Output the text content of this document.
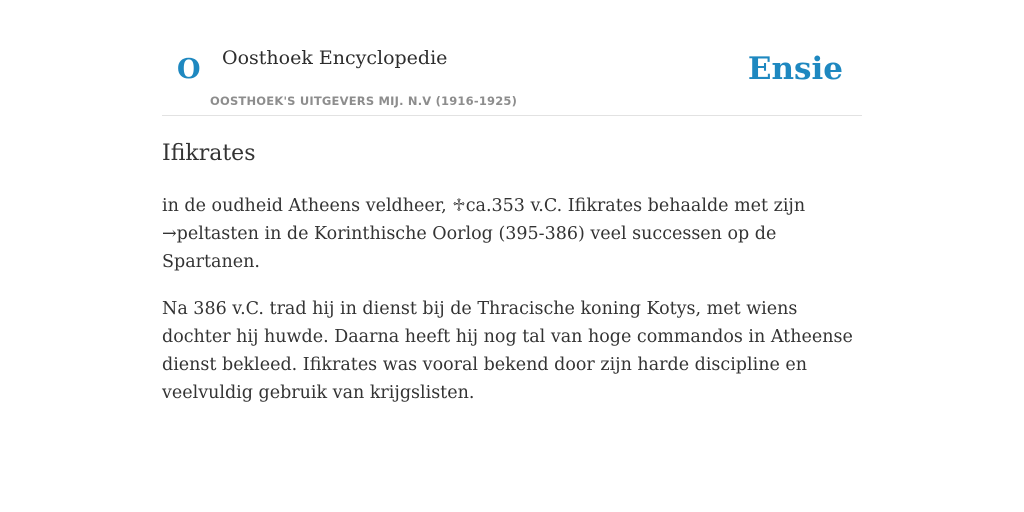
O Oosthoek Encyclopedie
OOSTHOEK'S UITGEVERS MIJ. N.V (1916-1925)
Ensie
Ifikrates

in de oudheid Atheens veldheer, ♱ca.353 v.C. Ifikrates behaalde met zijn
→peltasten in de Korinthische Oorlog (395-386) veel successen op de Spartanen.

Na 386 v.C. trad hij in dienst bij de Thracische koning Kotys, met wiens dochter hij huwde. Daarna heeft hij nog tal van hoge commandos in Atheense dienst bekleed. Ifikrates was vooral bekend door zijn harde discipline en veelvuldig gebruik van krijgslisten.
